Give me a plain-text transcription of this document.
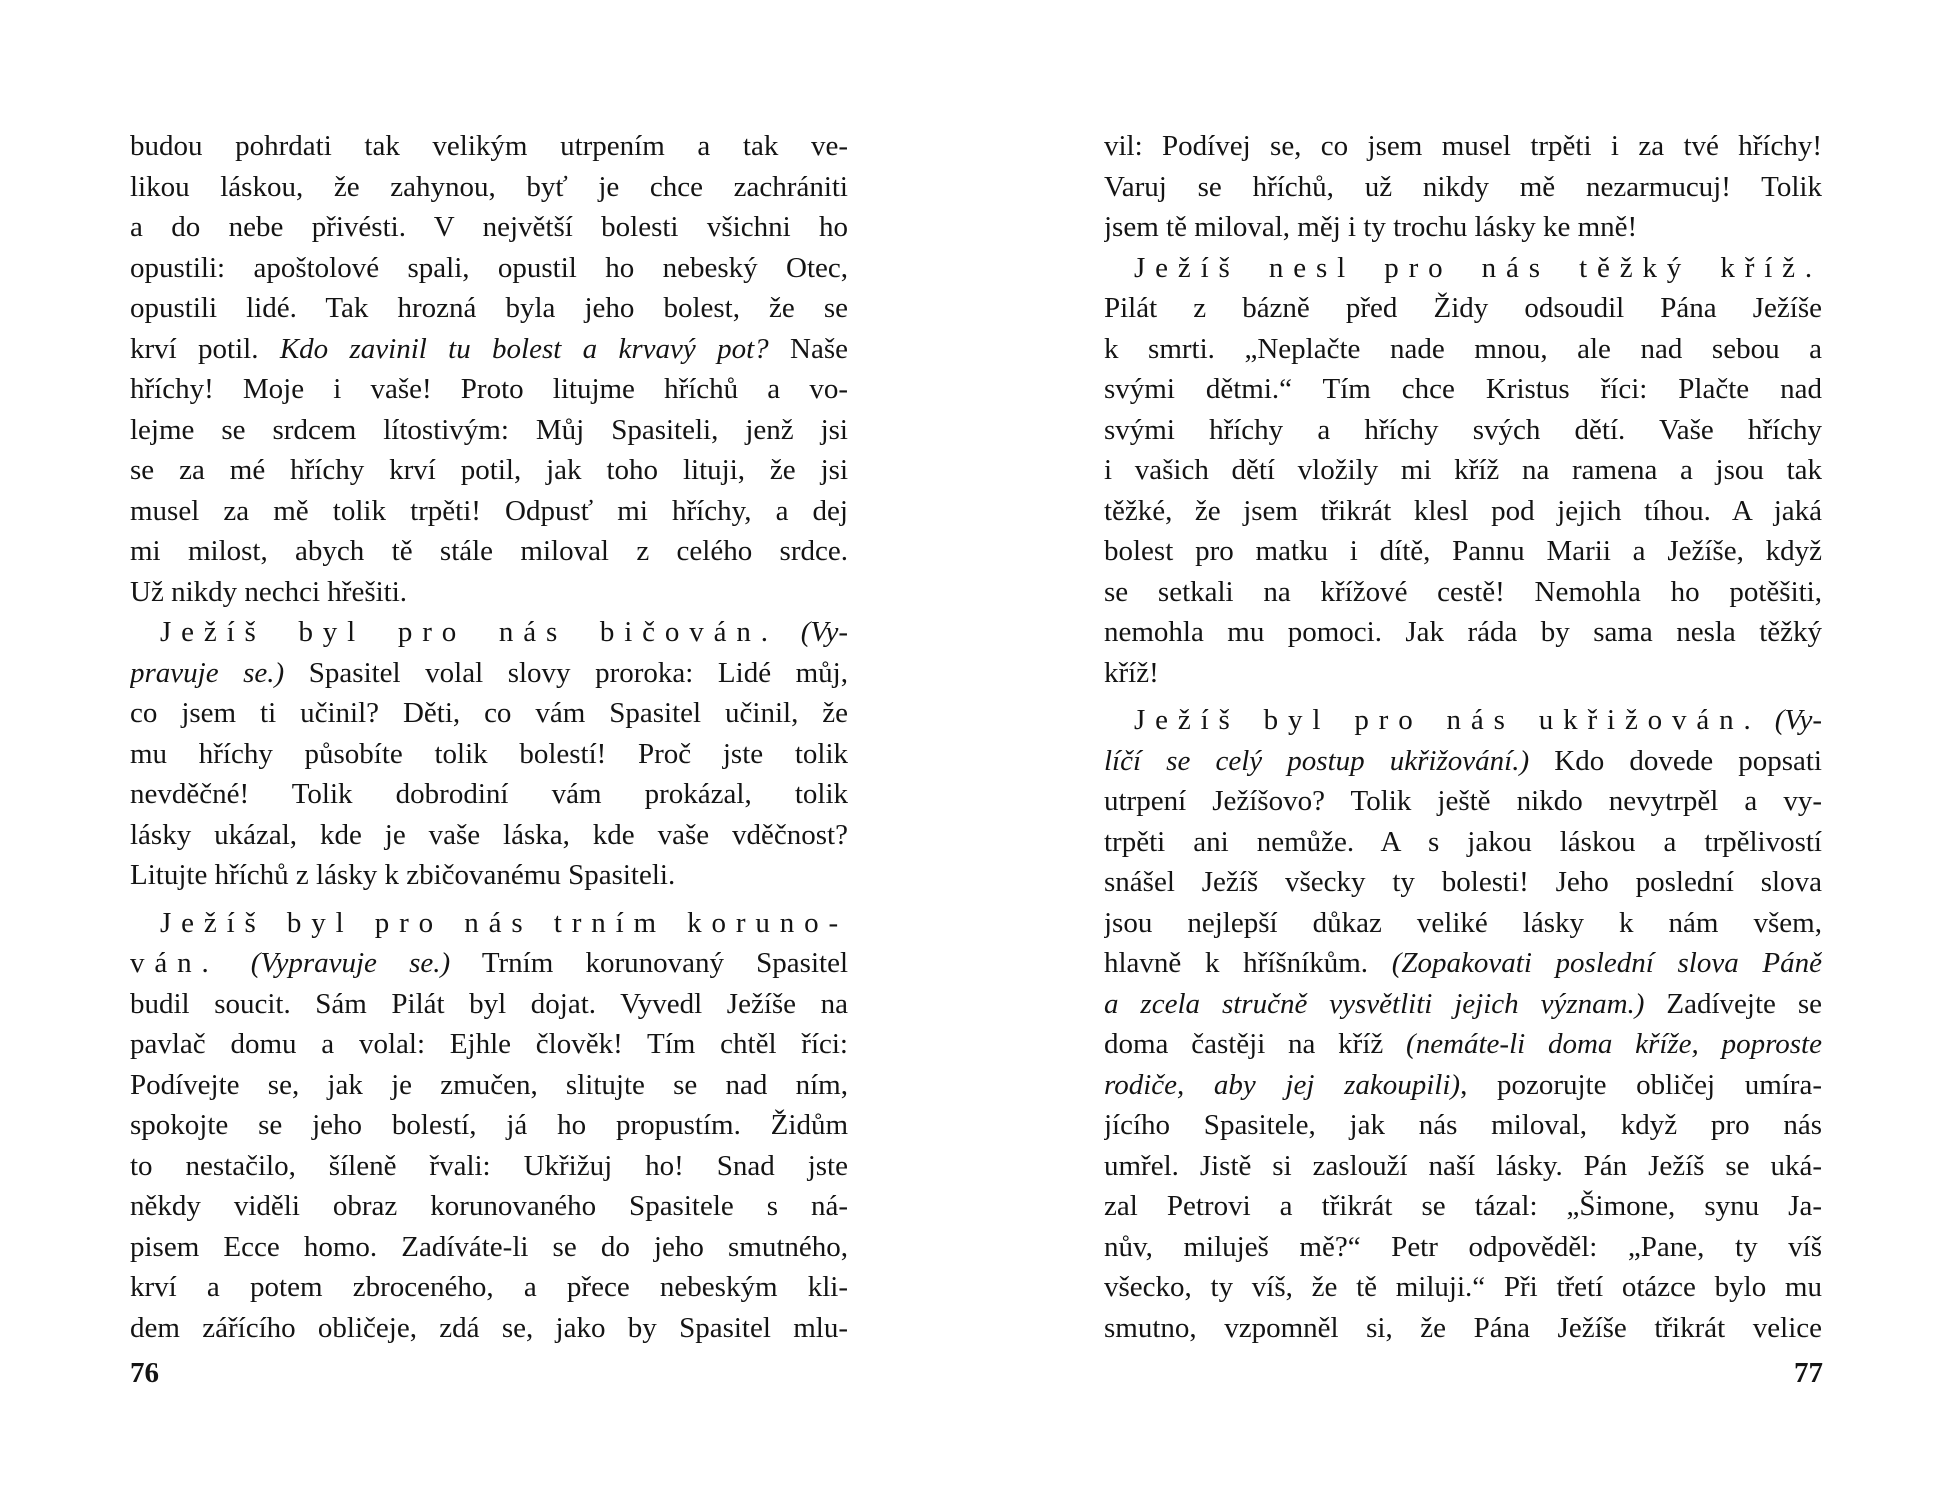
budou pohrdati tak velikým utrpením a tak ve-
likou láskou, že zahynou, byť je chce zachrániti
a do nebe přivésti. V největší bolesti všichni ho
opustili: apoštolové spali, opustil ho nebeský Otec,
opustili lidé. Tak hrozná byla jeho bolest, že se
krví potil. Kdo zavinil tu bolest a krvavý pot? Naše
hříchy! Moje i vaše! Proto litujme hříchů a vo-
lejme se srdcem lítostivým: Můj Spasiteli, jenž jsi
se za mé hříchy krví potil, jak toho lituji, že jsi
musel za mě tolik trpěti! Odpusť mi hříchy, a dej
mi milost, abych tě stále miloval z celého srdce.
Už nikdy nechci hřešiti.
Ježíš byl pro nás bičován. (Vy-
pravuje se.) Spasitel volal slovy proroka: Lidé můj,
co jsem ti učinil? Děti, co vám Spasitel učinil, že
mu hříchy působíte tolik bolestí! Proč jste tolik
nevděčné! Tolik dobrodiní vám prokázal, tolik
lásky ukázal, kde je vaše láska, kde vaše vděčnost?
Litujte hříchů z lásky k zbičovanému Spasiteli.
Ježíš byl pro nás trním koruno-
ván. (Vypravuje se.) Trním korunovaný Spasitel
budil soucit. Sám Pilát byl dojat. Vyvedl Ježíše na
pavlač domu a volal: Ejhle člověk! Tím chtěl říci:
Podívejte se, jak je zmučen, slitujte se nad ním,
spokojte se jeho bolestí, já ho propustím. Židům
to nestačilo, šíleně řvali: Ukřižuj ho! Snad jste
někdy viděli obraz korunovaného Spasitele s ná-
pisem Ecce homo. Zadíváte-li se do jeho smutného,
krví a potem zbroceného, a přece nebeským kli-
dem zářícího obličeje, zdá se, jako by Spasitel mlu-
76
vil: Podívej se, co jsem musel trpěti i za tvé hříchy!
Varuj se hříchů, už nikdy mě nezarmucuj! Tolik
jsem tě miloval, měj i ty trochu lásky ke mně!
Ježíš nesl pro nás těžký kříž.
Pilát z bázně před Židy odsoudil Pána Ježíše
k smrti. „Neplačte nade mnou, ale nad sebou a
svými dětmi.“ Tím chce Kristus říci: Plačte nad
svými hříchy a hříchy svých dětí. Vaše hříchy
i vašich dětí vložily mi kříž na ramena a jsou tak
těžké, že jsem třikrát klesl pod jejich tíhou. A jaká
bolest pro matku i dítě, Pannu Marii a Ježíše, když
se setkali na křížové cestě! Nemohla ho potěšiti,
nemohla mu pomoci. Jak ráda by sama nesla těžký
kříž!
Ježíš byl pro nás ukřižován. (Vy-
líčí se celý postup ukřižování.) Kdo dovede popsati
utrpení Ježíšovo? Tolik ještě nikdo nevytrpěl a vy-
trpěti ani nemůže. A s jakou láskou a trpělivostí
snášel Ježíš všecky ty bolesti! Jeho poslední slova
jsou nejlepší důkaz veliké lásky k nám všem,
hlavně k hříšníkům. (Zopakovati poslední slova Páně
a zcela stručně vysvětliti jejich význam.) Zadívejte se
doma častěji na kříž (nemáte-li doma kříže, poproste
rodiče, aby jej zakoupili), pozorujte obličej umíra-
jícího Spasitele, jak nás miloval, když pro nás
umřel. Jistě si zaslouží naší lásky. Pán Ježíš se uká-
zal Petrovi a třikrát se tázal: „Šimone, synu Ja-
nův, miluješ mě?“ Petr odpověděl: „Pane, ty víš
všecko, ty víš, že tě miluji.“ Při třetí otázce bylo mu
smutno, vzpomněl si, že Pána Ježíše třikrát velice
77
